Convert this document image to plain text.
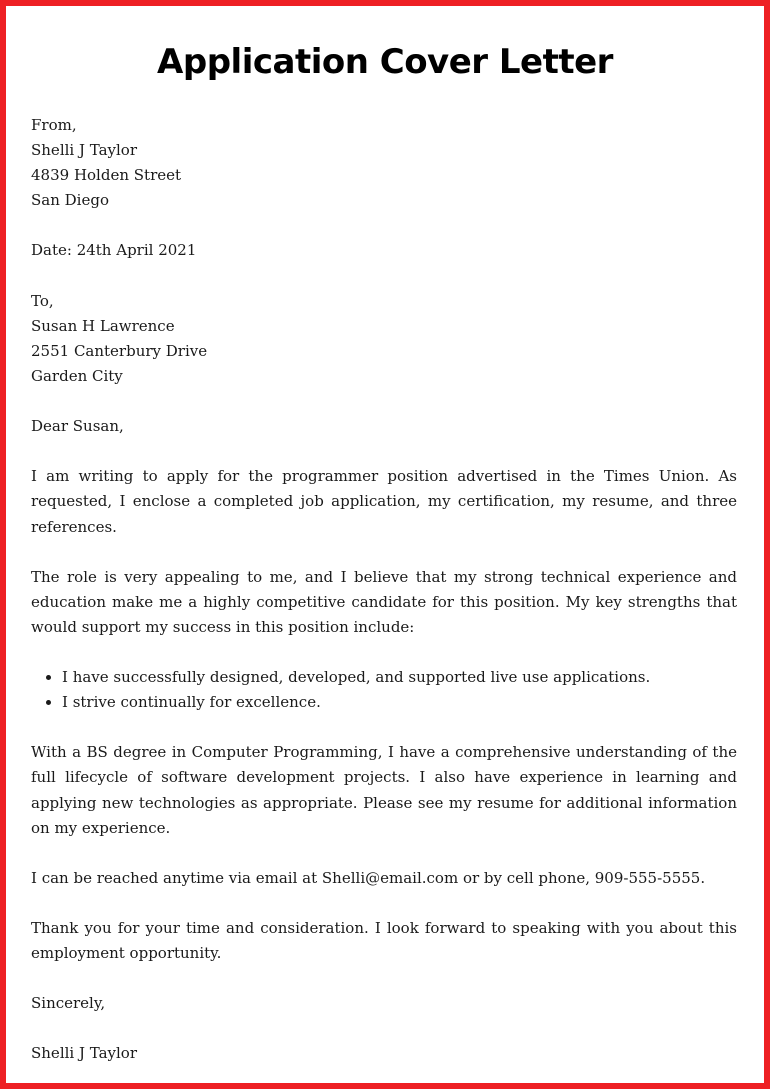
Application Cover Letter
From,
Shelli J Taylor
4839 Holden Street
San Diego
Date: 24th April 2021
To,
Susan H Lawrence
2551 Canterbury Drive
Garden City
Dear Susan,

I am writing to apply for the programmer position advertised in the Times Union. As requested, I enclose a completed job application, my certification, my resume, and three references.

The role is very appealing to me, and I believe that my strong technical experience and education make me a highly competitive candidate for this position. My key strengths that would support my success in this position include:

• I have successfully designed, developed, and supported live use applications.
• I strive continually for excellence.

With a BS degree in Computer Programming, I have a comprehensive understanding of the full lifecycle of software development projects. I also have experience in learning and applying new technologies as appropriate. Please see my resume for additional information on my experience.

I can be reached anytime via email at Shelli@email.com or by cell phone, 909-555-5555.

Thank you for your time and consideration. I look forward to speaking with you about this employment opportunity.

Sincerely,
Shelli J Taylor
